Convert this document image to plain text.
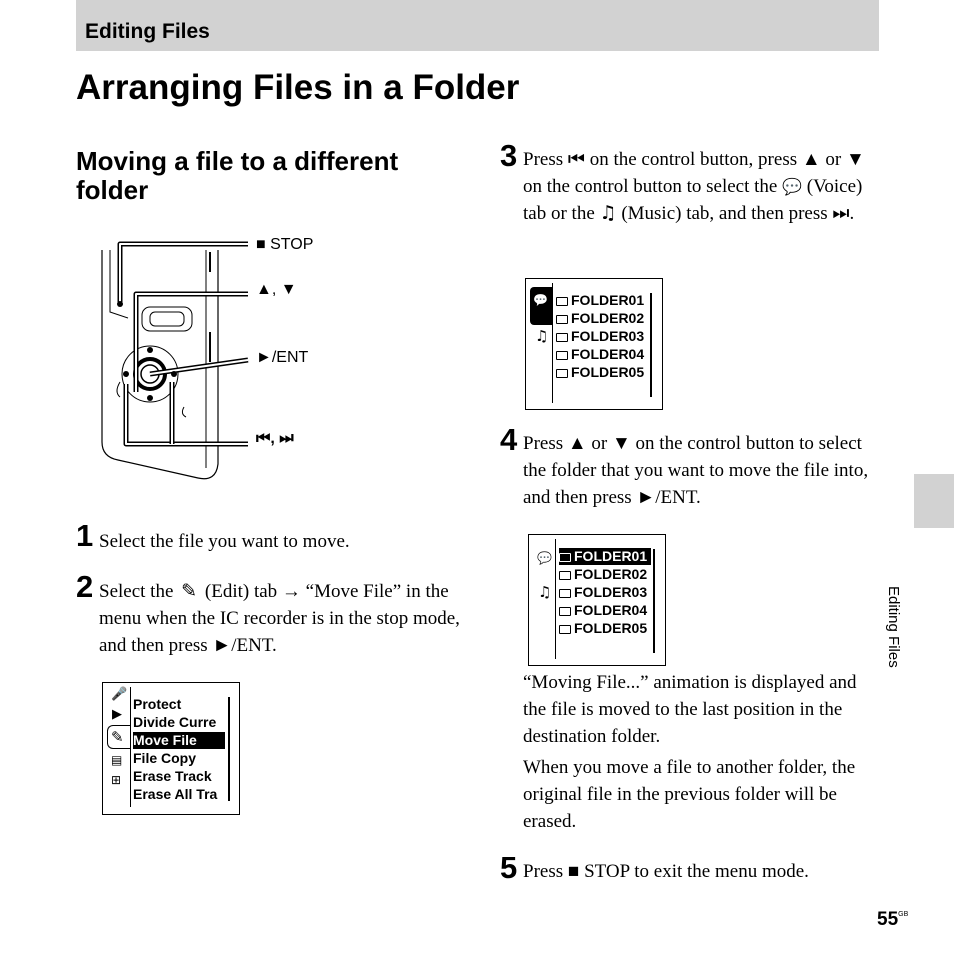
Editing Files
Arranging Files in a Folder
Moving a file to a different folder
■ STOP
▲, ▼
►/ENT
⏮, ⏭
1 Select the file you want to move.
2 Select the ✎ (Edit) tab → “Move File” in the menu when the IC recorder is in the stop mode, and then press ►/ENT.
🎤
▶
✎
▤
⊞
Protect
Divide Curre
Move File
File Copy
Erase Track
Erase All Tra
3 Press ⏮ on the control button, press ▲ or ▼ on the control button to select the 💬 (Voice) tab or the ♫ (Music) tab, and then press ⏭.
💬
♫
FOLDER01
FOLDER02
FOLDER03
FOLDER04
FOLDER05
4 Press ▲ or ▼ on the control button to select the folder that you want to move the file into, and then press ►/ENT.
💬
♫
FOLDER01
FOLDER02
FOLDER03
FOLDER04
FOLDER05
“Moving File...” animation is displayed and the file is moved to the last position in the destination folder.
When you move a file to another folder, the original file in the previous folder will be erased.
5 Press ■ STOP to exit the menu mode.
Editing Files
$55^{GB}$
